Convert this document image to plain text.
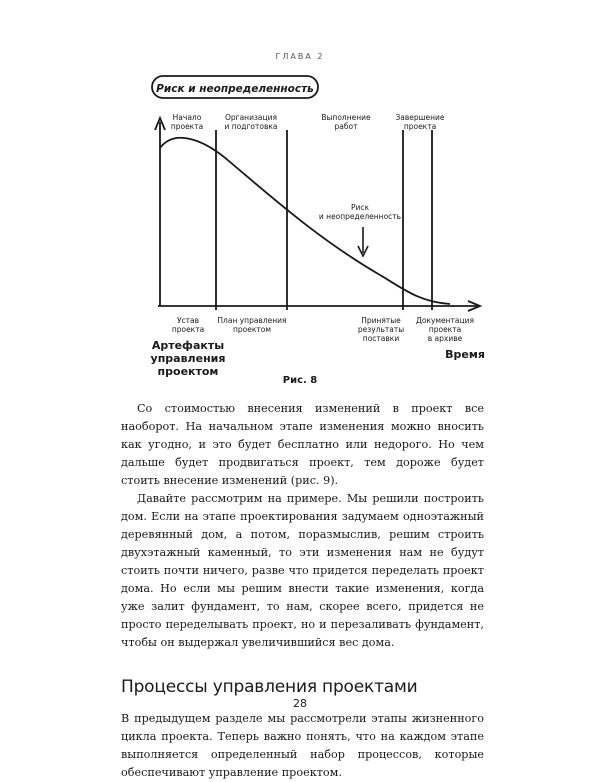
ГЛАВА 2
Риск и неопределенность
Начало проекта
Организация и подготовка
Выполнение работ
Завершение проекта
Риск и неопределенность
Устав проекта
План управления проектом
Принятые результаты поставки
Документация проекта в архиве
Артефакты управления проектом
Время
Рис. 8

Со стоимостью внесения изменений в проект все наоборот. На начальном этапе изменения можно вносить как угодно, и это будет бесплатно или недорого. Но чем дальше будет продвигаться проект, тем дороже будет стоить внесение изменений (рис. 9).

Давайте рассмотрим на примере. Мы решили построить дом. Если на этапе проектирования задумаем одноэтажный деревянный дом, а потом, поразмыслив, решим строить двухэтажный каменный, то эти изменения нам не будут стоить почти ничего, разве что придется переделать проект дома. Но если мы решим внести такие изменения, когда уже залит фундамент, то нам, скорее всего, придется не просто переделывать проект, но и перезаливать фундамент, чтобы он выдержал увеличившийся вес дома.

Процессы управления проектами

В предыдущем разделе мы рассмотрели этапы жизненного цикла проекта. Теперь важно понять, что на каждом этапе выполняется определенный набор процессов, которые обеспечивают управление проектом.

28
